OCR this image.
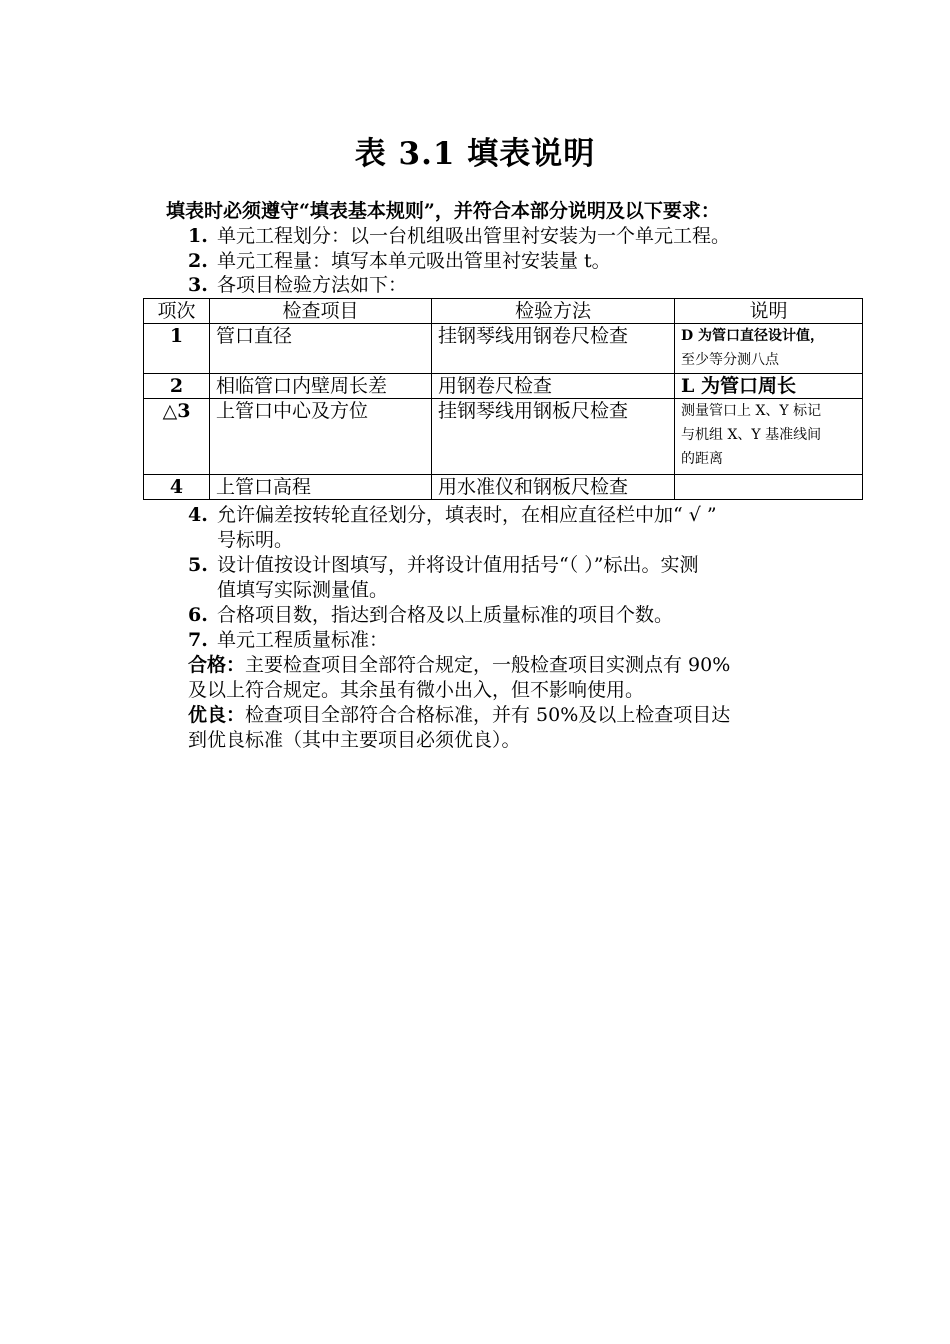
表 3.1 填表说明
填表时必须遵守“填表基本规则”，并符合本部分说明及以下要求：
1. 单元工程划分：以一台机组吸出管里衬安装为一个单元工程。
2. 单元工程量：填写本单元吸出管里衬安装量 t。
3. 各项目检验方法如下：
项次	检查项目	检验方法	说明
1	管口直径	挂钢琴线用钢卷尺检查	D 为管口直径设计值，
至少等分测八点
2	相临管口内壁周长差	用钢卷尺检查	L 为管口周长
△3	上管口中心及方位	挂钢琴线用钢板尺检查	测量管口上 X、Y 标记
与机组 X、Y 基准线间
的距离
4	上管口高程	用水准仪和钢板尺检查	
4. 允许偏差按转轮直径划分，填表时，在相应直径栏中加“ √ ”
号标明。
5. 设计值按设计图填写，并将设计值用括号“（ ）”标出。实测
值填写实际测量值。
6. 合格项目数，指达到合格及以上质量标准的项目个数。
7. 单元工程质量标准：
合格：主要检查项目全部符合规定，一般检查项目实测点有 90%
及以上符合规定。其余虽有微小出入，但不影响使用。
优良：检查项目全部符合合格标准，并有 50%及以上检查项目达
到优良标准（其中主要项目必须优良）。
